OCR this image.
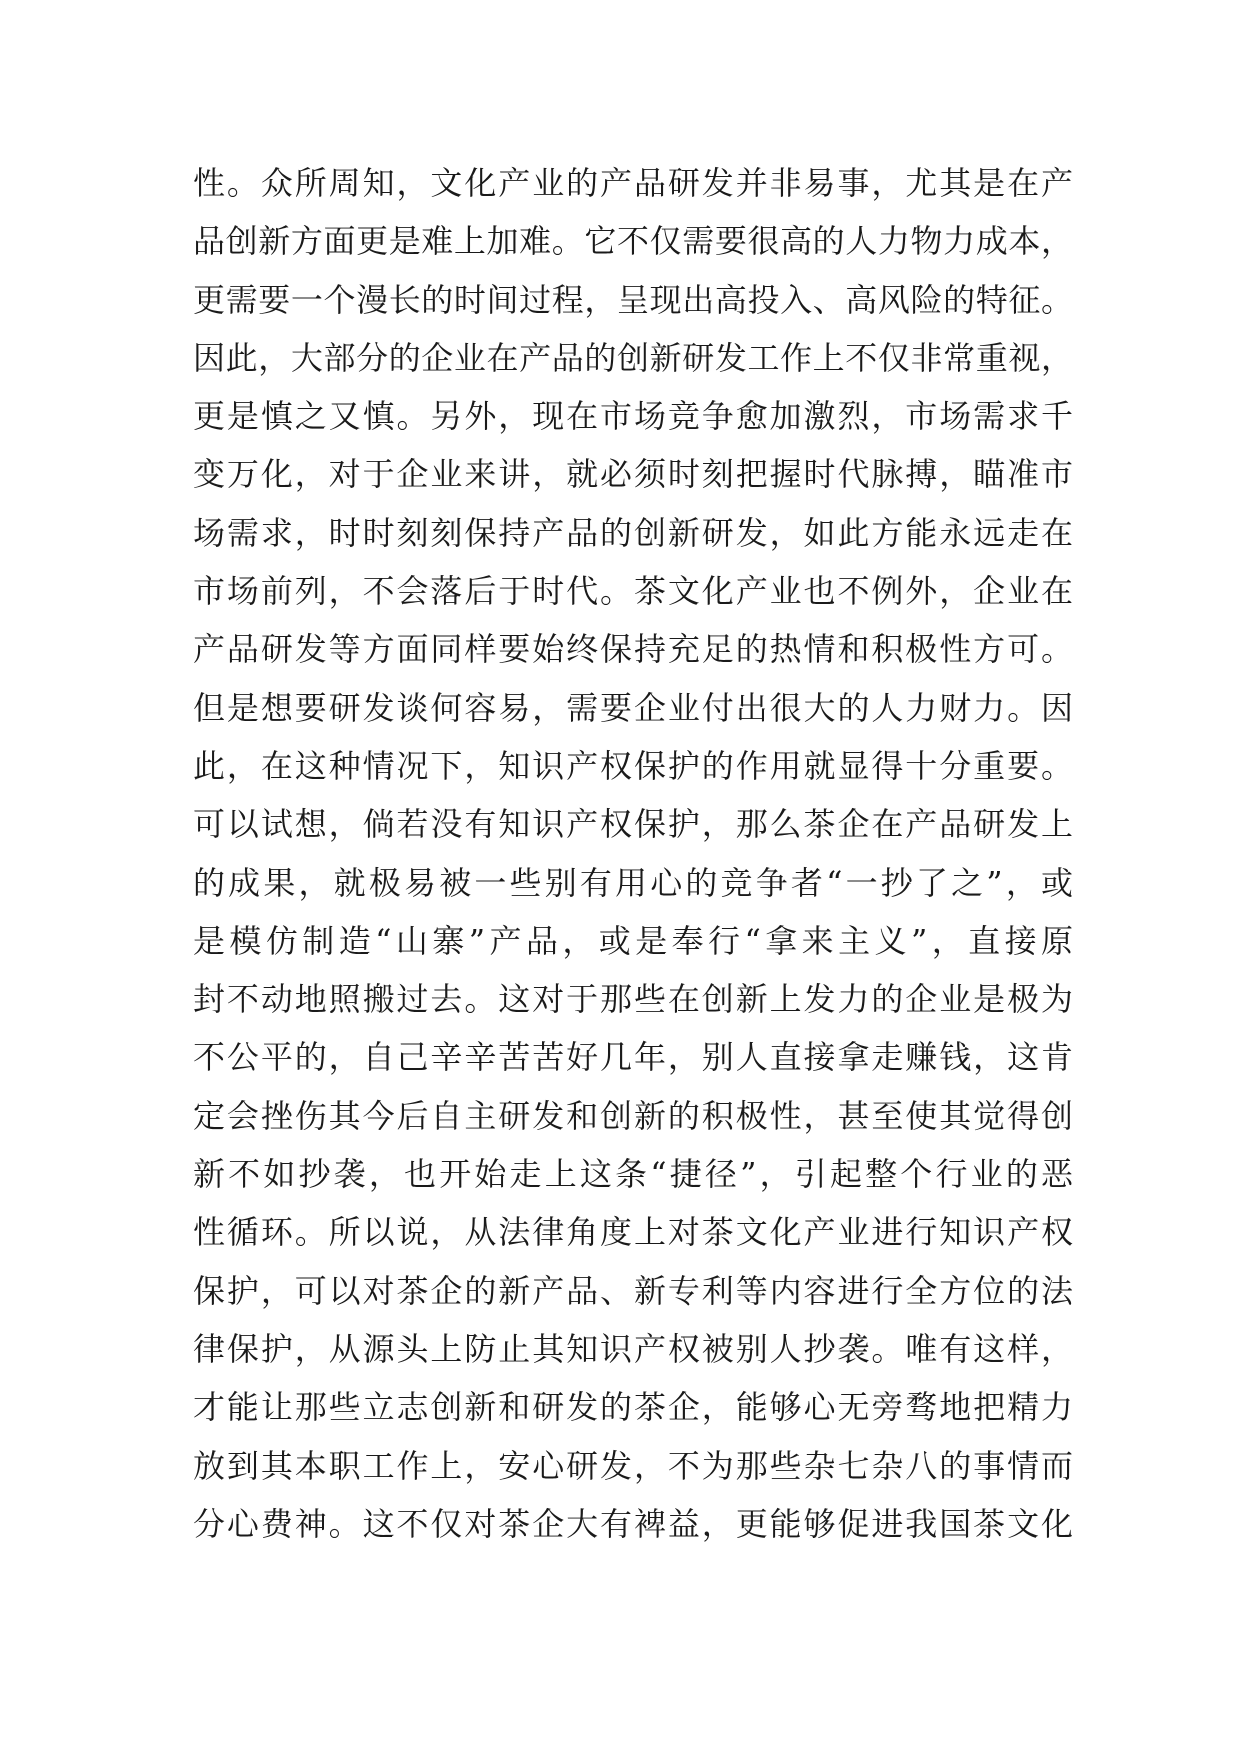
性。众所周知，文化产业的产品研发并非易事，尤其是在产
品创新方面更是难上加难。它不仅需要很高的人力物力成本，
更需要一个漫长的时间过程，呈现出高投入、高风险的特征。
因此，大部分的企业在产品的创新研发工作上不仅非常重视，
更是慎之又慎。另外，现在市场竞争愈加激烈，市场需求千
变万化，对于企业来讲，就必须时刻把握时代脉搏，瞄准市
场需求，时时刻刻保持产品的创新研发，如此方能永远走在
市场前列，不会落后于时代。茶文化产业也不例外，企业在
产品研发等方面同样要始终保持充足的热情和积极性方可。
但是想要研发谈何容易，需要企业付出很大的人力财力。因
此，在这种情况下，知识产权保护的作用就显得十分重要。
可以试想，倘若没有知识产权保护，那么茶企在产品研发上
的成果，就极易被一些别有用心的竞争者“一抄了之”，或
是模仿制造“山寨”产品，或是奉行“拿来主义”，直接原
封不动地照搬过去。这对于那些在创新上发力的企业是极为
不公平的，自己辛辛苦苦好几年，别人直接拿走赚钱，这肯
定会挫伤其今后自主研发和创新的积极性，甚至使其觉得创
新不如抄袭，也开始走上这条“捷径”，引起整个行业的恶
性循环。所以说，从法律角度上对茶文化产业进行知识产权
保护，可以对茶企的新产品、新专利等内容进行全方位的法
律保护，从源头上防止其知识产权被别人抄袭。唯有这样，
才能让那些立志创新和研发的茶企，能够心无旁骛地把精力
放到其本职工作上，安心研发，不为那些杂七杂八的事情而
分心费神。这不仅对茶企大有裨益，更能够促进我国茶文化
